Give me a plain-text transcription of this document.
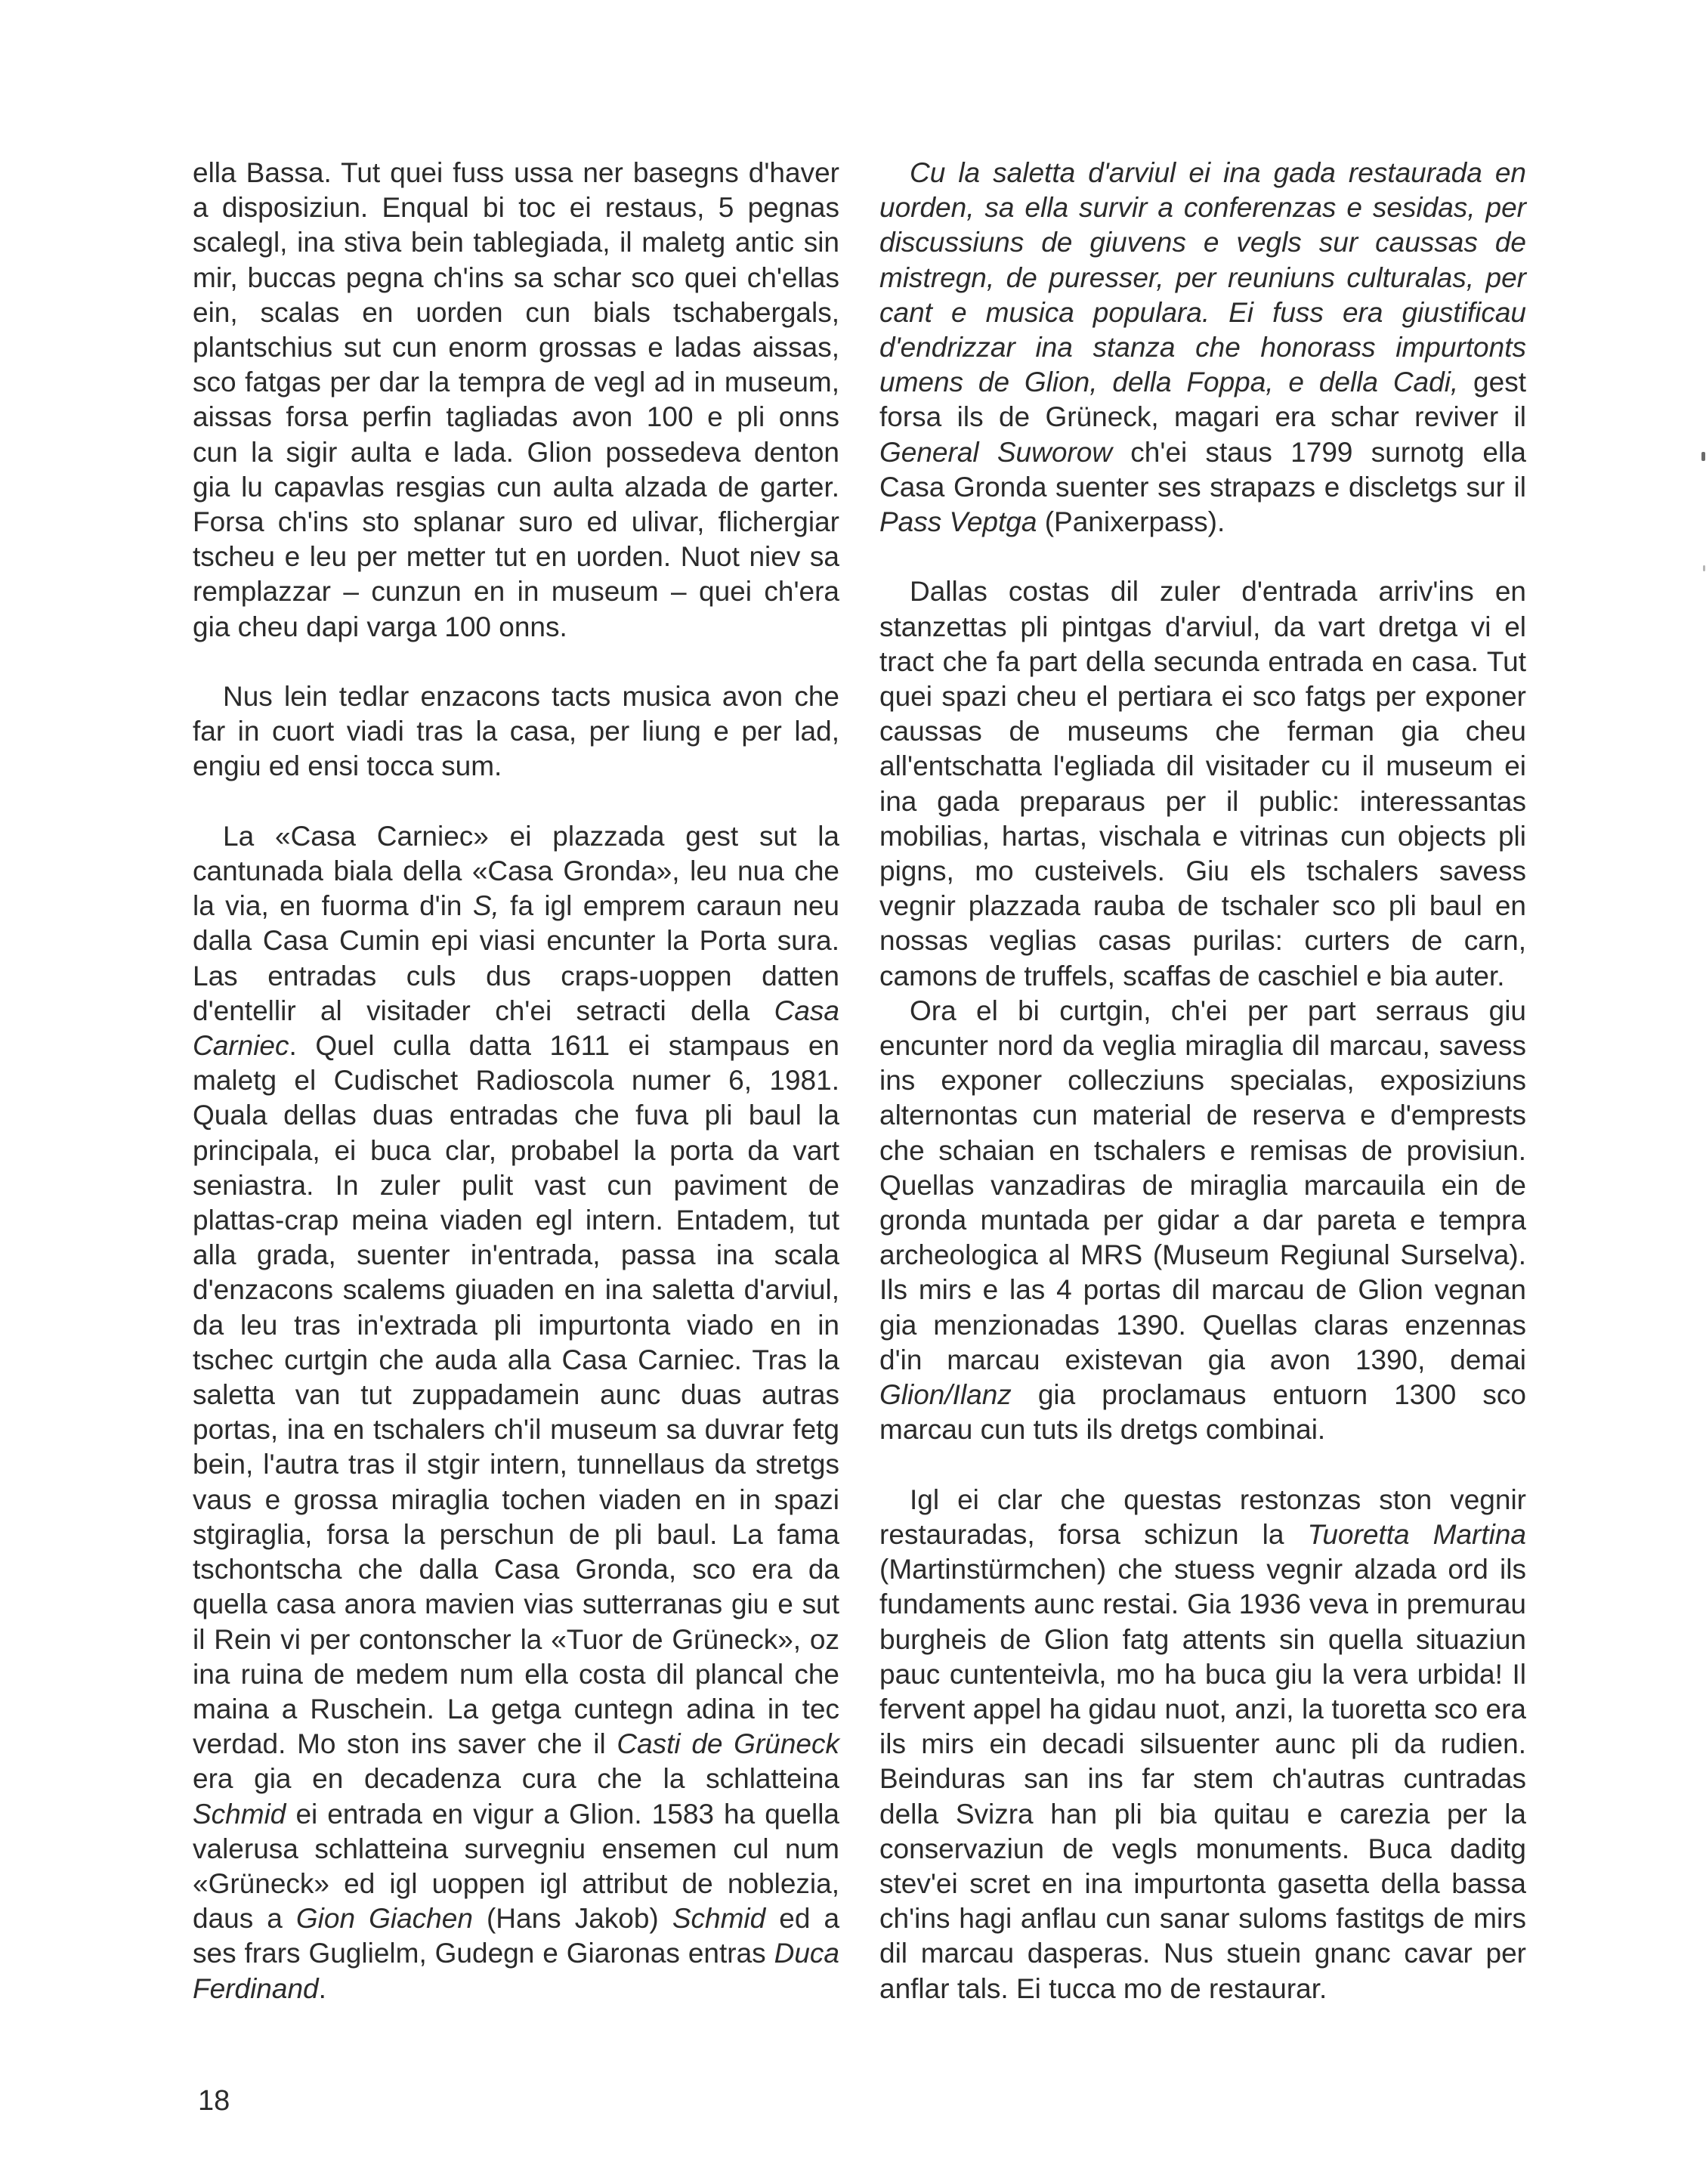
ella Bassa. Tut quei fuss ussa ner basegns d'haver a disposiziun. Enqual bi toc ei restaus, 5 pegnas scalegl, ina stiva bein tablegiada, il maletg antic sin mir, buccas pegna ch'ins sa schar sco quei ch'ellas ein, scalas en uorden cun bials tschabergals, plantschius sut cun enorm grossas e ladas aissas, sco fatgas per dar la tempra de vegl ad in museum, aissas forsa perfin tagliadas avon 100 e pli onns cun la sigir aulta e lada. Glion possedeva denton gia lu capavlas resgias cun aulta alzada de garter. Forsa ch'ins sto splanar suro ed ulivar, flichergiar tscheu e leu per metter tut en uorden. Nuot niev sa remplazzar – cunzun en in museum – quei ch'era gia cheu dapi varga 100 onns.

Nus lein tedlar enzacons tacts musica avon che far in cuort viadi tras la casa, per liung e per lad, engiu ed ensi tocca sum.

La «Casa Carniec» ei plazzada gest sut la cantunada biala della «Casa Gronda», leu nua che la via, en fuorma d'in S, fa igl emprem caraun neu dalla Casa Cumin epi viasi encunter la Porta sura. Las entradas culs dus craps-uoppen datten d'entellir al visitader ch'ei setracti della Casa Carniec. Quel culla datta 1611 ei stampaus en maletg el Cudischet Radioscola numer 6, 1981. Quala dellas duas entradas che fuva pli baul la principala, ei buca clar, probabel la porta da vart seniastra. In zuler pulit vast cun paviment de plattas-crap meina viaden egl intern. Entadem, tut alla grada, suenter in'entrada, passa ina scala d'enzacons scalems giuaden en ina saletta d'arviul, da leu tras in'extrada pli impurtonta viado en in tschec curtgin che auda alla Casa Carniec. Tras la saletta van tut zuppadamein aunc duas autras portas, ina en tschalers ch'il museum sa duvrar fetg bein, l'autra tras il stgir intern, tunnellaus da stretgs vaus e grossa miraglia tochen viaden en in spazi stgiraglia, forsa la perschun de pli baul. La fama tschontscha che dalla Casa Gronda, sco era da quella casa anora mavien vias sutterranas giu e sut il Rein vi per contonscher la «Tuor de Grüneck», oz ina ruina de medem num ella costa dil plancal che maina a Ruschein. La getga cuntegn adina in tec verdad. Mo ston ins saver che il Casti de Grüneck era gia en decadenza cura che la schlatteina Schmid ei entrada en vigur a Glion. 1583 ha quella valerusa schlatteina survegniu ensemen cul num «Grüneck» ed igl uoppen igl attribut de noblezia, daus a Gion Giachen (Hans Jakob) Schmid ed a ses frars Guglielm, Gudegn e Giaronas entras Duca Ferdinand.

Cu la saletta d'arviul ei ina gada restaurada en uorden, sa ella survir a conferenzas e sesidas, per discussiuns de giuvens e vegls sur caussas de mistregn, de puresser, per reuniuns culturalas, per cant e musica populara. Ei fuss era giustificau d'endrizzar ina stanza che honorass impurtonts umens de Glion, della Foppa, e della Cadi, gest forsa ils de Grüneck, magari era schar reviver il General Suworow ch'ei staus 1799 surnotg ella Casa Gronda suenter ses strapazs e discletgs sur il Pass Veptga (Panixerpass).

Dallas costas dil zuler d'entrada arriv'ins en stanzettas pli pintgas d'arviul, da vart dretga vi el tract che fa part della secunda entrada en casa. Tut quei spazi cheu el pertiara ei sco fatgs per exponer caussas de museums che ferman gia cheu all'entschatta l'egliada dil visitader cu il museum ei ina gada preparaus per il public: interessantas mobilias, hartas, vischala e vitrinas cun objects pli pigns, mo custeivels. Giu els tschalers savess vegnir plazzada rauba de tschaler sco pli baul en nossas veglias casas purilas: curters de carn, camons de truffels, scaffas de caschiel e bia auter.

Ora el bi curtgin, ch'ei per part serraus giu encunter nord da veglia miraglia dil marcau, savess ins exponer collecziuns specialas, exposiziuns alternontas cun material de reserva e d'emprests che schaian en tschalers e remisas de provisiun. Quellas vanzadiras de miraglia marcauila ein de gronda muntada per gidar a dar pareta e tempra archeologica al MRS (Museum Regiunal Surselva). Ils mirs e las 4 portas dil marcau de Glion vegnan gia menzionadas 1390. Quellas claras enzennas d'in marcau existevan gia avon 1390, demai Glion/Ilanz gia proclamaus entuorn 1300 sco marcau cun tuts ils dretgs combinai.

Igl ei clar che questas restonzas ston vegnir restauradas, forsa schizun la Tuoretta Martina (Martinstürmchen) che stuess vegnir alzada ord ils fundaments aunc restai. Gia 1936 veva in premurau burgheis de Glion fatg attents sin quella situaziun pauc cuntenteivla, mo ha buca giu la vera urbida! Il fervent appel ha gidau nuot, anzi, la tuoretta sco era ils mirs ein decadi silsuenter aunc pli da rudien. Beinduras san ins far stem ch'autras cuntradas della Svizra han pli bia quitau e carezia per la conservaziun de vegls monuments. Buca daditg stev'ei scret en ina impurtonta gasetta della bassa ch'ins hagi anflau cun sanar suloms fastitgs de mirs dil marcau dasperas. Nus stuein gnanc cavar per anflar tals. Ei tucca mo de restaurar.

18
